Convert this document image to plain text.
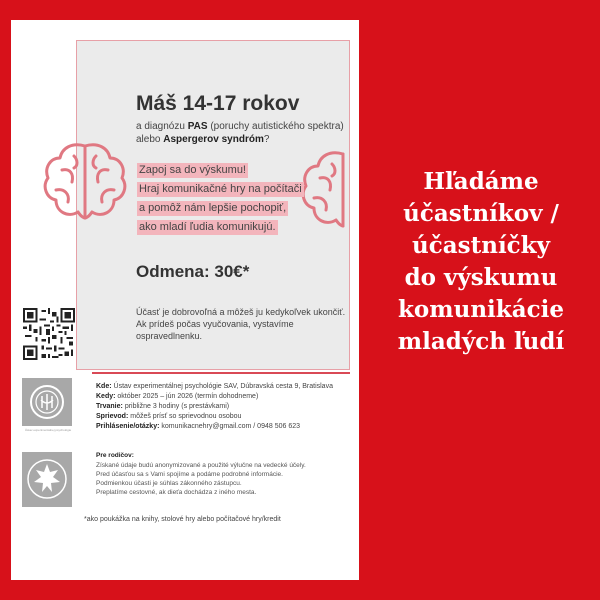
Máš 14-17 rokov
a diagnózu PAS (poruchy autistického spektra) alebo Aspergerov syndróm?
Zapoj sa do výskumu!
Hraj komunikačné hry na počítači
a pomôž nám lepšie pochopiť,
ako mladí ľudia komunikujú.
Odmena: 30€*
Účasť je dobrovoľná a môžeš ju kedykoľvek ukončiť. Ak prídeš počas vyučovania, vystavíme ospravedlnenku.
Ústav experimentálnej psychológie
Kde: Ústav experimentálnej psychológie SAV, Dúbravská cesta 9, Bratislava
Kedy: október 2025 – jún 2026 (termín dohodneme)
Trvanie: približne 3 hodiny (s prestávkami)
Sprievod: môžeš prísť so sprievodnou osobou
Prihlásenie/otázky: komunikacnehry@gmail.com / 0948 506 623
Pre rodičov:
Získané údaje budú anonymizované a použité výlučne na vedecké účely.
Pred účasťou sa s Vami spojíme a podáme podrobné informácie.
Podmienkou účasti je súhlas zákonného zástupcu.
Preplatíme cestovné, ak dieťa dochádza z iného mesta.
*ako poukážka na knihy, stolové hry alebo počítačové hry/kredit
Hľadáme
účastníkov /
účastníčky
do výskumu
komunikácie
mladých ľudí
